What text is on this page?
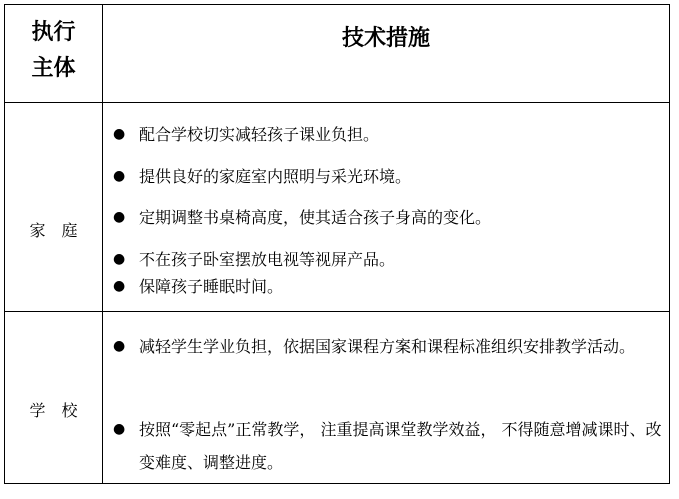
执行
主体
技术措施
家庭
● 配合学校切实减轻孩子课业负担。
● 提供良好的家庭室内照明与采光环境。
● 定期调整书桌椅高度，使其适合孩子身高的变化。
● 不在孩子卧室摆放电视等视屏产品。
● 保障孩子睡眠时间。
学校
● 减轻学生学业负担，依据国家课程方案和课程标准组织安排教学活动。
● 按照“零起点”正常教学， 注重提高课堂教学效益， 不得随意增减课时、改变难度、调整进度。
